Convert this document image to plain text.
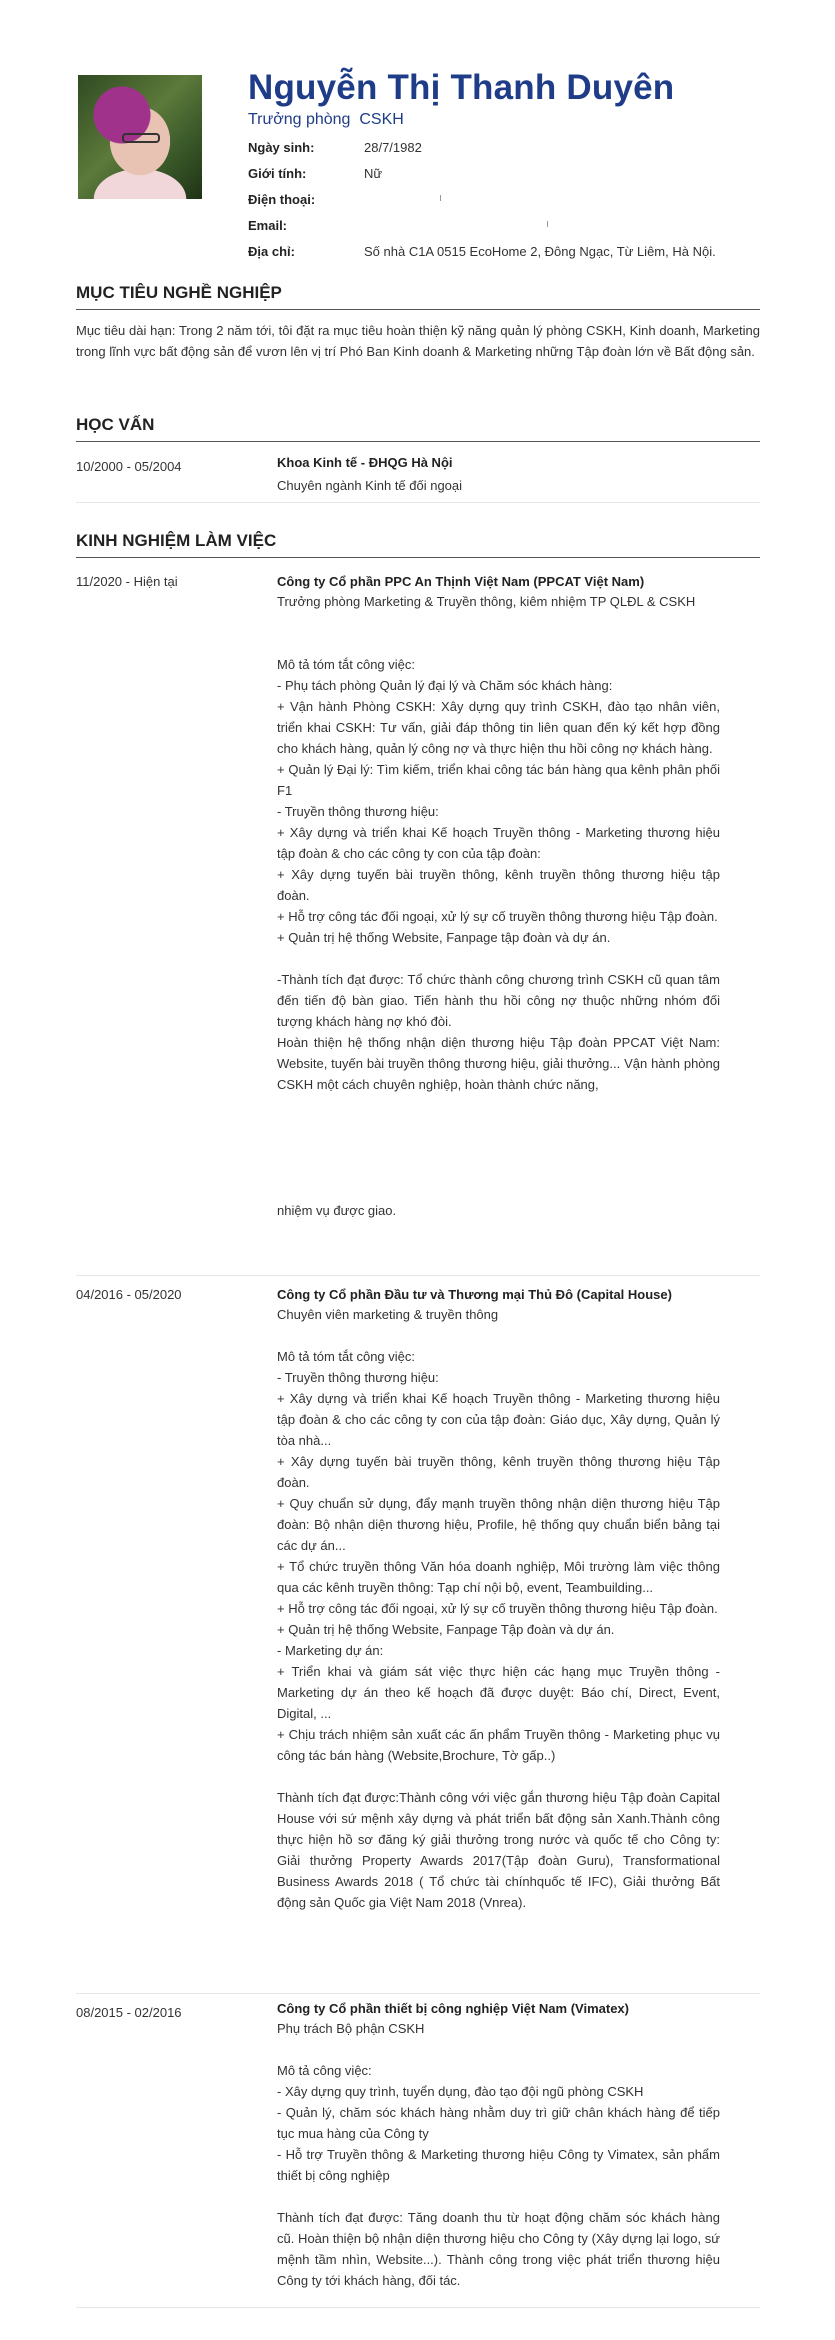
Nguyễn Thị Thanh Duyên
Trưởng phòng  CSKH
Ngày sinh:	28/7/1982
Giới tính:	Nữ
Điện thoại:
Email:
Địa chỉ:	Số nhà C1A 0515 EcoHome 2, Đông Ngạc, Từ Liêm, Hà Nội.
MỤC TIÊU NGHỀ NGHIỆP

Mục tiêu dài hạn: Trong 2 năm tới, tôi đặt ra mục tiêu hoàn thiện kỹ năng quản lý phòng CSKH, Kinh doanh, Marketing trong lĩnh vực bất động sản để vươn lên vị trí Phó Ban Kinh doanh & Marketing những Tập đoàn lớn về Bất động sản.

HỌC VẤN
10/2000 - 05/2004	Khoa Kinh tế - ĐHQG Hà Nội
Chuyên ngành Kinh tế đối ngoại
KINH NGHIỆM LÀM VIỆC
11/2020 - Hiện tại	Công ty Cổ phần PPC An Thịnh Việt Nam (PPCAT Việt Nam)
Trưởng phòng Marketing & Truyền thông, kiêm nhiệm TP QLĐL & CSKH

Mô tả tóm tắt công việc:
- Phụ tách phòng Quản lý đại lý và Chăm sóc khách hàng:
+ Vận hành Phòng CSKH: Xây dựng quy trình CSKH, đào tạo nhân viên, triển khai CSKH: Tư vấn, giải đáp thông tin liên quan đến ký kết hợp đồng cho khách hàng, quản lý công nợ và thực hiện thu hồi công nợ khách hàng.
+ Quản lý Đại lý: Tìm kiếm, triển khai công tác bán hàng qua kênh phân phối F1
- Truyền thông thương hiệu:
+ Xây dựng và triển khai Kế hoạch Truyền thông - Marketing thương hiệu tập đoàn & cho các công ty con của tập đoàn:
+ Xây dựng tuyến bài truyền thông, kênh truyền thông thương hiệu tập đoàn.
+ Hỗ trợ công tác đối ngoại, xử lý sự cố truyền thông thương hiệu Tập đoàn.
+ Quản trị hệ thống Website, Fanpage tập đoàn và dự án.

-Thành tích đạt được: Tổ chức thành công chương trình CSKH cũ quan tâm đến tiến độ bàn giao. Tiến hành thu hồi công nợ thuộc những nhóm đối tượng khách hàng nợ khó đòi.
Hoàn thiện hệ thống nhận diện thương hiệu Tập đoàn PPCAT Việt Nam: Website, tuyến bài truyền thông thương hiệu, giải thưởng... Vận hành phòng CSKH một cách chuyên nghiệp, hoàn thành chức năng,

nhiệm vụ được giao.

04/2016 - 05/2020	Công ty Cổ phần Đầu tư và Thương mại Thủ Đô (Capital House)
Chuyên viên marketing & truyền thông

Mô tả tóm tắt công việc:
- Truyền thông thương hiệu:
+ Xây dựng và triển khai Kế hoạch Truyền thông - Marketing thương hiệu tập đoàn & cho các công ty con của tập đoàn: Giáo dục, Xây dựng, Quản lý tòa nhà...
+ Xây dựng tuyến bài truyền thông, kênh truyền thông thương hiệu Tập đoàn.
+ Quy chuẩn sử dụng, đẩy mạnh truyền thông nhận diện thương hiệu Tập đoàn: Bộ nhận diện thương hiệu, Profile, hệ thống quy chuẩn biển bảng tại các dự án...
+ Tổ chức truyền thông Văn hóa doanh nghiệp, Môi trường làm việc thông qua các kênh truyền thông: Tạp chí nội bộ, event, Teambuilding...
+ Hỗ trợ công tác đối ngoại, xử lý sự cố truyền thông thương hiệu Tập đoàn.
+ Quản trị hệ thống Website, Fanpage Tập đoàn và dự án.
- Marketing dự án:
+ Triển khai và giám sát việc thực hiện các hạng mục Truyền thông - Marketing dự án theo kế hoạch đã được duyệt: Báo chí, Direct, Event, Digital, ...
+ Chịu trách nhiệm sản xuất các ấn phẩm Truyền thông - Marketing phục vụ công tác bán hàng (Website,Brochure, Tờ gấp..)

Thành tích đạt được:Thành công với việc gắn thương hiệu Tập đoàn Capital House với sứ mệnh xây dựng và phát triển bất động sản Xanh.Thành công thực hiện hồ sơ đăng ký giải thưởng trong nước và quốc tế cho Công ty: Giải thưởng Property Awards 2017(Tập đoàn Guru), Transformational Business Awards 2018 ( Tổ chức tài chínhquốc tế IFC), Giải thưởng Bất động sản Quốc gia Việt Nam 2018 (Vnrea).

08/2015 - 02/2016	Công ty Cổ phần thiết bị công nghiệp Việt Nam (Vimatex)
Phụ trách Bộ phận CSKH

Mô tả công việc:
- Xây dựng quy trình, tuyển dụng, đào tạo đội ngũ phòng CSKH
- Quản lý, chăm sóc khách hàng nhằm duy trì giữ chân khách hàng để tiếp tục mua hàng của Công ty
- Hỗ trợ Truyền thông & Marketing thương hiệu Công ty Vimatex, sản phẩm thiết bị công nghiệp

Thành tích đạt được: Tăng doanh thu từ hoạt động chăm sóc khách hàng cũ. Hoàn thiện bộ nhận diện thương hiệu cho Công ty (Xây dựng lại logo, sứ mệnh tầm nhìn, Website...). Thành công trong việc phát triển thương hiệu Công ty tới khách hàng, đối tác.
